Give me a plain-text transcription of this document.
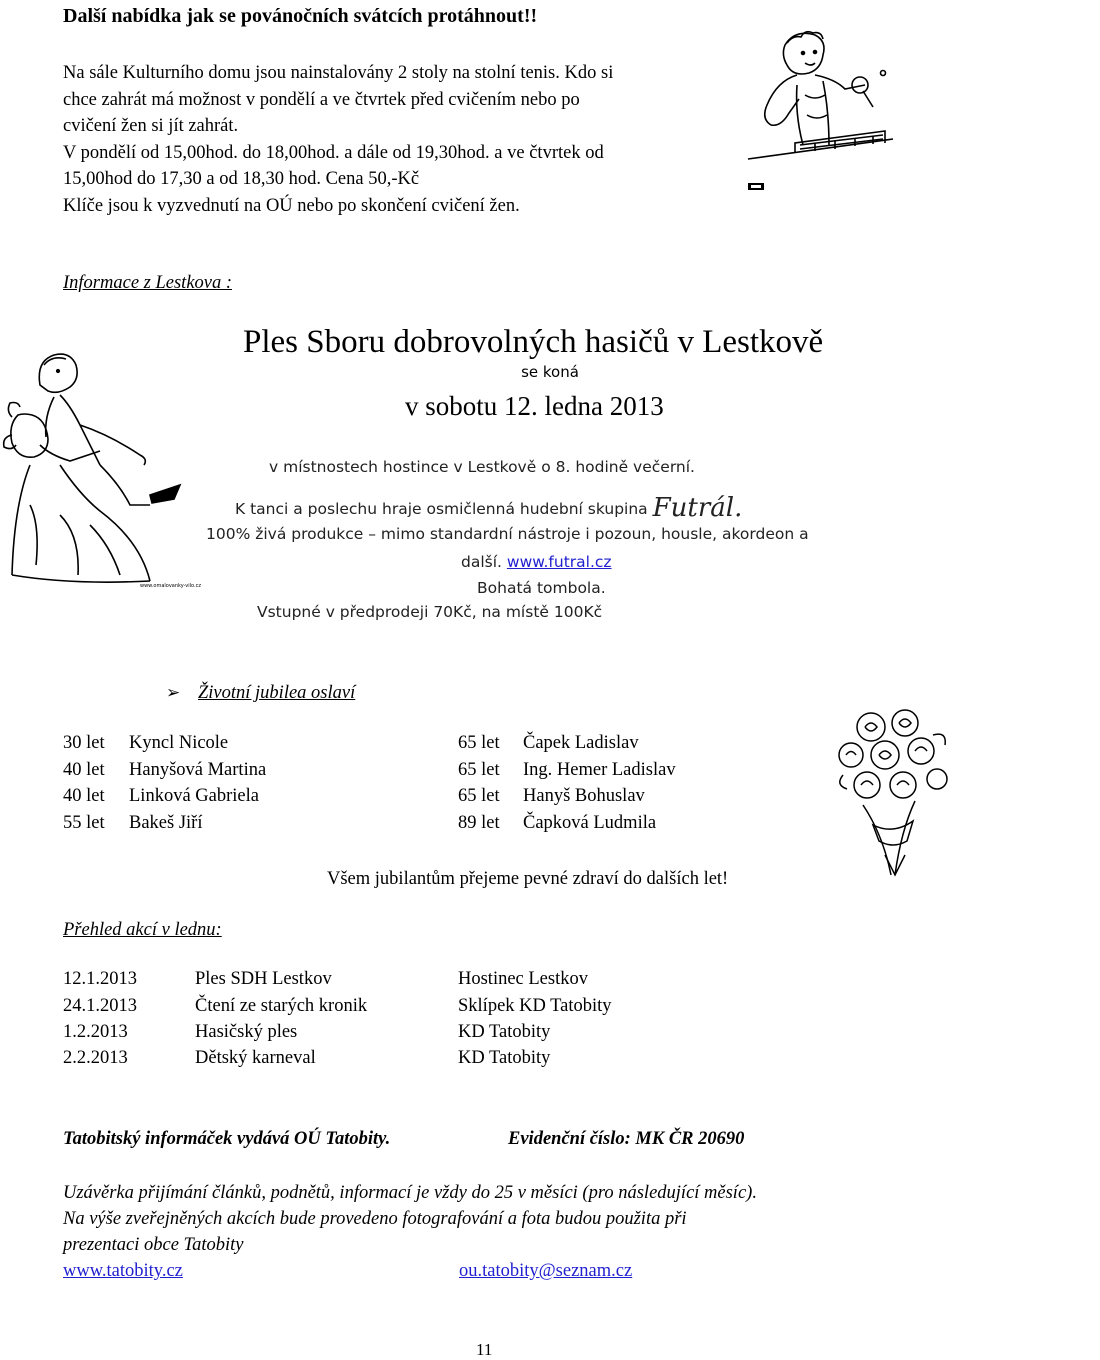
Další nabídka jak se povánočních svátcích protáhnout!!
Na sále Kulturního domu jsou nainstalovány 2 stoly na stolní tenis. Kdo si
chce zahrát má možnost v pondělí a ve čtvrtek před cvičením nebo po
cvičení žen si jít zahrát.
V pondělí od 15,00hod. do 18,00hod. a dále od 19,30hod. a ve čtvrtek od
15,00hod do 17,30 a od 18,30 hod. Cena 50,-Kč
Klíče jsou k vyzvednutí na OÚ nebo po skončení cvičení žen.
Informace z Lestkova :
Ples Sboru dobrovolných hasičů v Lestkově
se koná
v sobotu 12. ledna 2013
v místnostech hostince v Lestkově o 8. hodině večerní.
K tanci a poslechu hraje osmičlenná hudební skupina Futrál.
100% živá produkce – mimo standardní nástroje i pozoun, housle, akordeon a
další. www.futral.cz
Bohatá tombola.
Vstupné v předprodeji 70Kč, na místě 100Kč
www.omalovanky-vilo.cz
➢ Životní jubilea oslaví
30 let Kyncl Nicole	65 let Čapek Ladislav
40 let Hanyšová Martina	65 let Ing. Hemer Ladislav
40 let Linková Gabriela	65 let Hanyš Bohuslav
55 let Bakeš Jiří	89 let Čapková Ludmila
Všem jubilantům přejeme pevné zdraví do dalších let!
Přehled akcí v lednu:
12.1.2013	Ples SDH Lestkov	Hostinec Lestkov
24.1.2013	Čtení ze starých kronik	Sklípek KD Tatobity
1.2.2013	Hasičský ples	KD Tatobity
2.2.2013	Dětský karneval	KD Tatobity
Tatobitský informáček vydává OÚ Tatobity.	Evidenční číslo: MK ČR 20690
Uzávěrka přijímání článků, podnětů, informací je vždy do 25 v měsíci (pro následující měsíc).
Na výše zveřejněných akcích bude provedeno fotografování a fota budou použita při
prezentaci obce Tatobity
www.tatobity.cz	ou.tatobity@seznam.cz
11
